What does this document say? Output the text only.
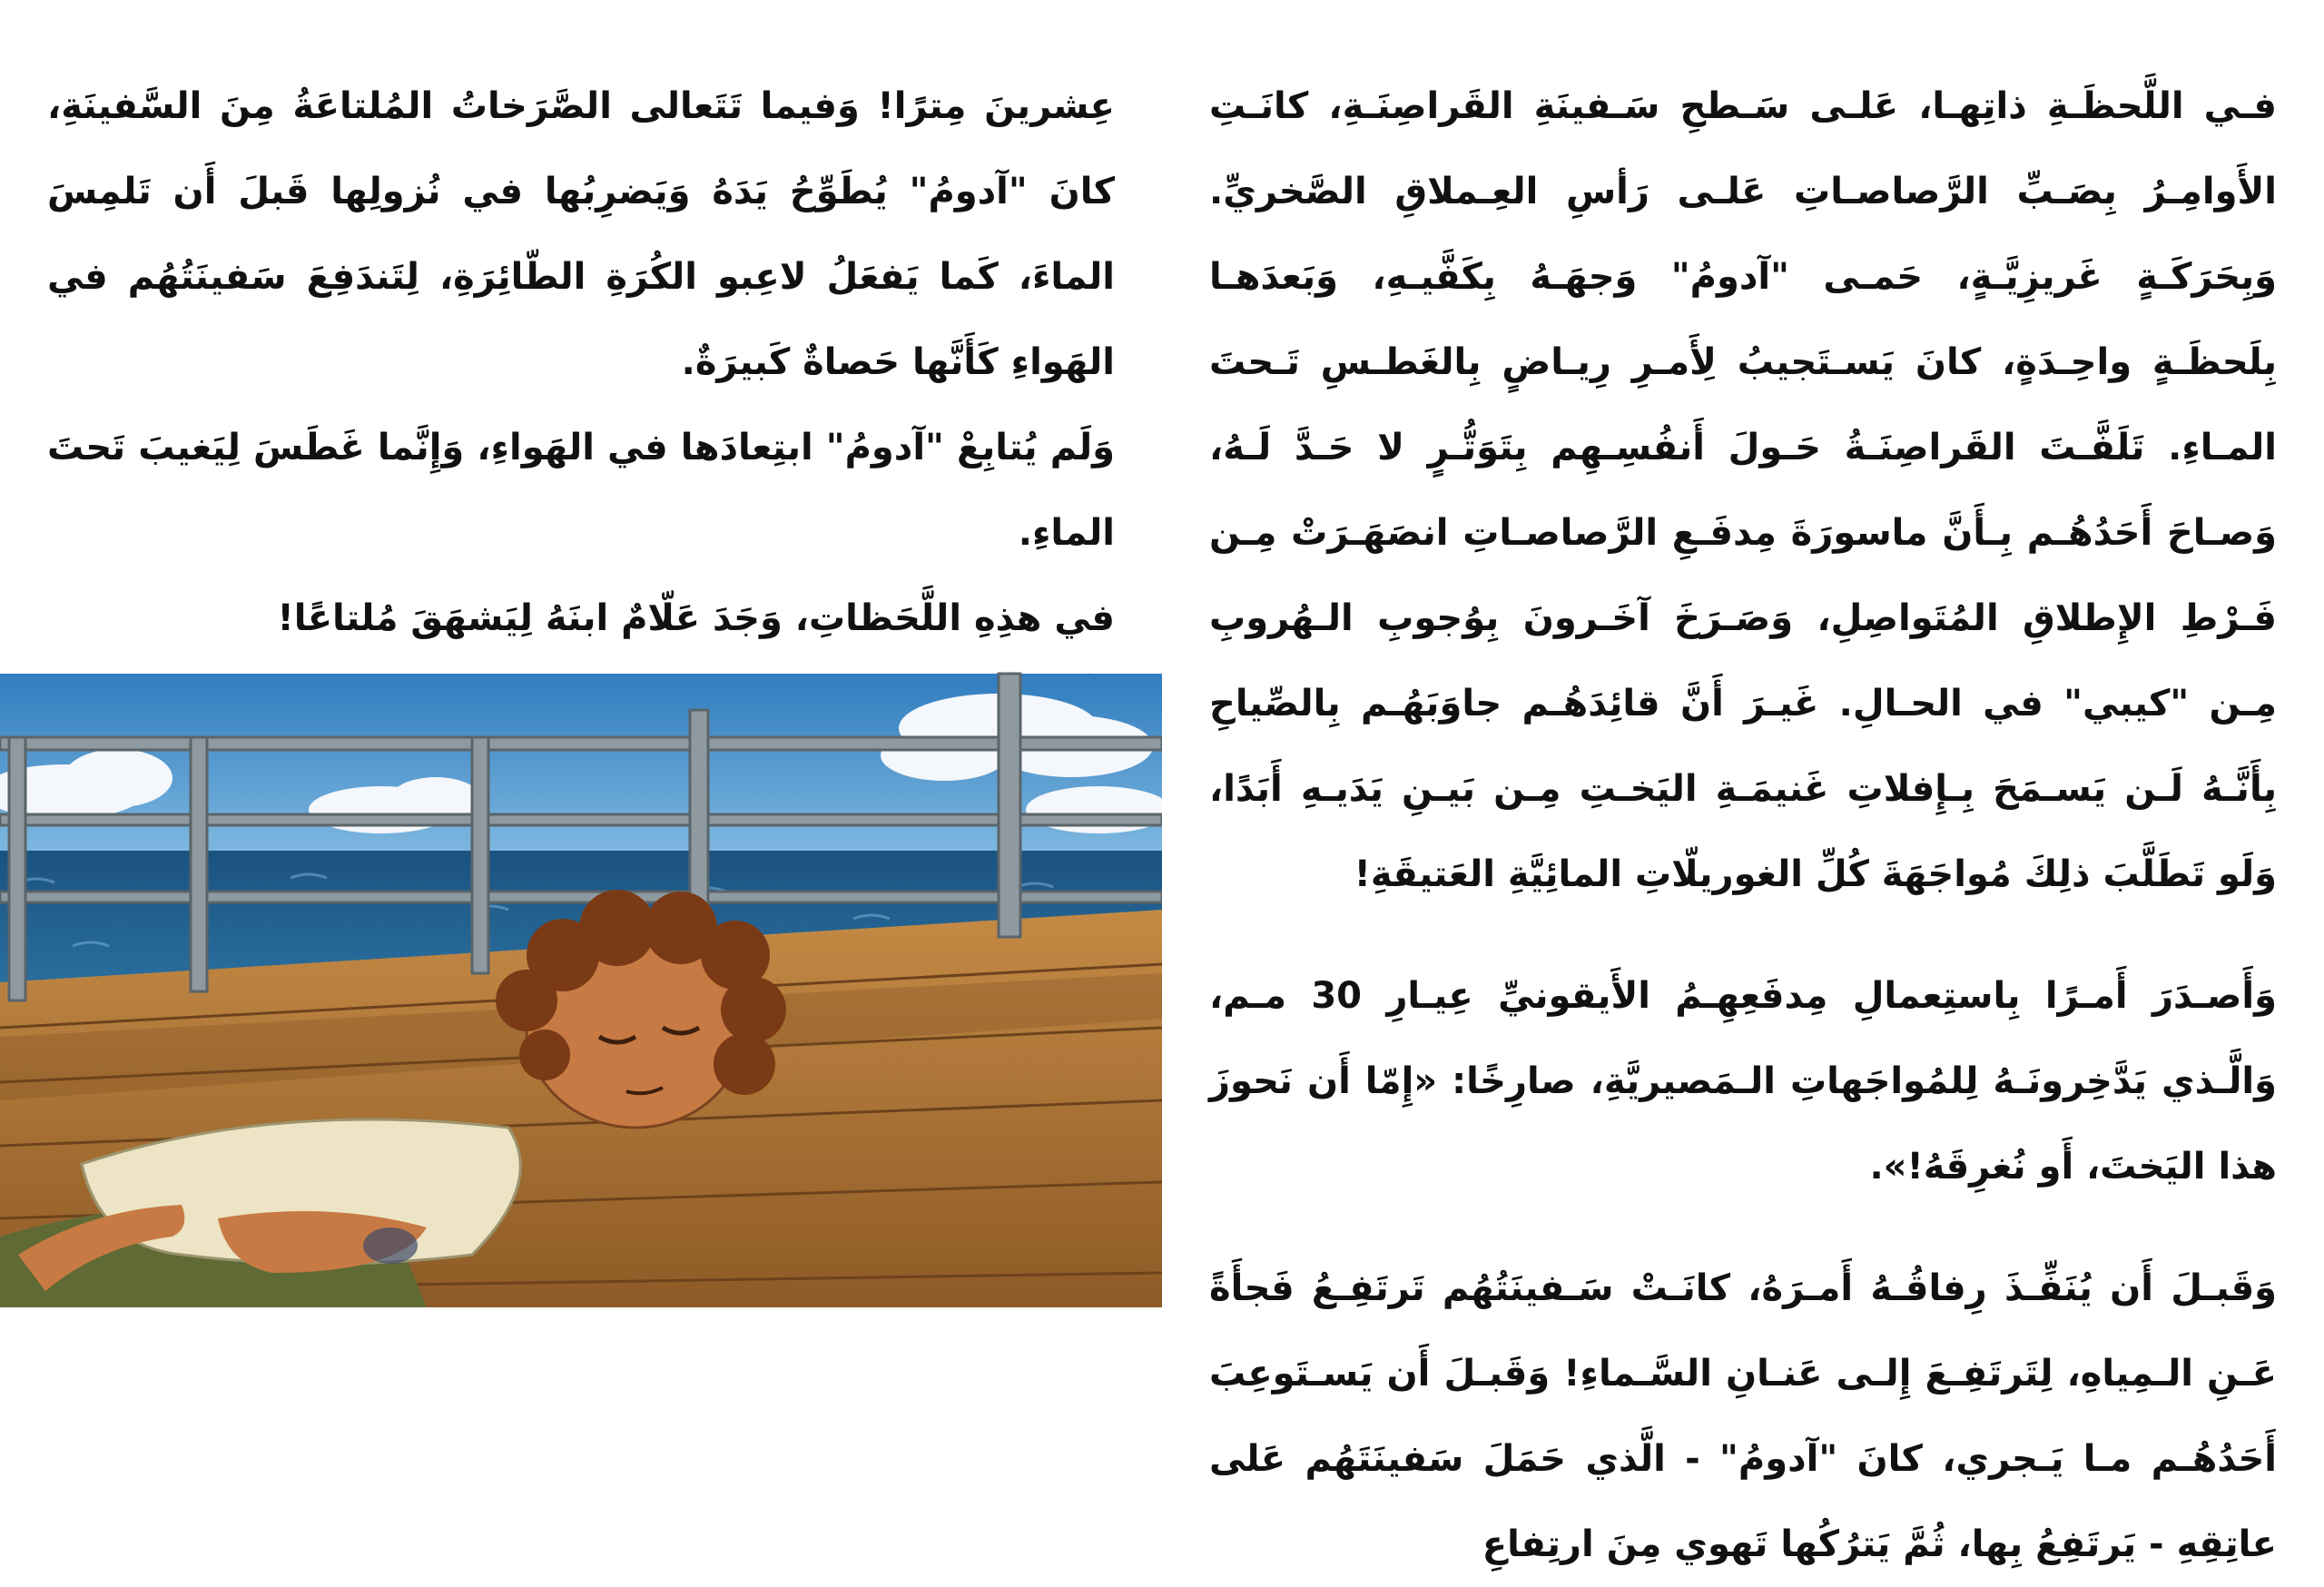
عِشرينَ مِترًا! وَفيما تَتَعالى الصَّرَخاتُ المُلتاعَةُ مِنَ السَّفينَةِ، كانَ "آدومُ" يُطَوِّحُ يَدَهُ وَيَضرِبُها في نُزولِها قَبلَ أَن تَلمِسَ الماءَ، كَما يَفعَلُ لاعِبو الكُرَةِ الطّائِرَةِ، لِتَندَفِعَ سَفينَتُهُم في الهَواءِ كَأَنَّها حَصاةٌ كَبيرَةٌ.

وَلَم يُتابِعْ "آدومُ" ابتِعادَها في الهَواءِ، وَإِنَّما غَطَسَ لِيَغيبَ تَحتَ الماءِ.

في هذِهِ اللَّحَظاتِ، وَجَدَ عَلّامٌ ابنَهُ لِيَشهَقَ مُلتاعًا!

فـي اللَّحظَـةِ ذاتِهـا، عَلـى سَـطحِ سَـفينَةِ القَراصِنَـةِ، كانَـتِ الأَوامِـرُ بِصَـبِّ الرَّصاصـاتِ عَلـى رَأسِ العِـملاقِ الصَّخريِّ. وَبِحَرَكَـةٍ غَريزِيَّـةٍ، حَمـى "آدومُ" وَجهَـهُ بِكَفَّيـهِ، وَبَعدَهـا بِلَحظَـةٍ واحِـدَةٍ، كانَ يَسـتَجيبُ لِأَمـرِ رِيـاضٍ بِالغَطـسِ تَـحتَ المـاءِ. تَلَفَّـتَ القَراصِنَـةُ حَـولَ أَنفُسِـهِم بِتَوَتُّـرٍ لا حَـدَّ لَـهُ، وَصـاحَ أَحَدُهُـم بِـأَنَّ ماسورَةَ مِدفَـعِ الرَّصاصـاتِ انصَهَـرَتْ مِـن فَـرْطِ الإِطلاقِ المُتَواصِلِ، وَصَـرَخَ آخَـرونَ بِوُجوبِ الـهُروبِ مِـن "كيبي" في الحـالِ. غَيـرَ أَنَّ قائِدَهُـم جاوَبَهُـم بِالصِّياحِ بِأَنَّـهُ لَـن يَسـمَحَ بِـإِفلاتِ غَنيمَـةِ اليَخـتِ مِـن بَيـنِ يَدَيـهِ أَبَدًا، وَلَو تَطَلَّبَ ذلِكَ مُواجَهَةَ كُلِّ الغوريلّاتِ المائِيَّةِ العَتيقَةِ!

وَأَصـدَرَ أَمـرًا بِاستِعمالِ مِدفَعِهِـمُ الأَيقونيِّ عِيـارِ 30 مـم، وَالَّـذي يَدَّخِرونَـهُ لِلمُواجَهاتِ الـمَصيريَّةِ، صارِخًا: «إِمّا أَن نَحوزَ هذا اليَختَ، أَو نُغرِقَهُ!».

وَقَبـلَ أَن يُنَفِّـذَ رِفاقُـهُ أَمـرَهُ، كانَـتْ سَـفينَتُهُم تَرتَفِـعُ فَجأَةً عَـنِ الـمِياهِ، لِتَرتَفِـعَ إِلـى عَنـانِ السَّـماءِ! وَقَبـلَ أَن يَسـتَوعِبَ أَحَدُهُـم مـا يَـجري، كانَ "آدومُ" - الَّذي حَمَلَ سَفينَتَهُم عَلى عاتِقِهِ - يَرتَفِعُ بِها، ثُمَّ يَترُكُها تَهوي مِنَ ارتِفاعِ
